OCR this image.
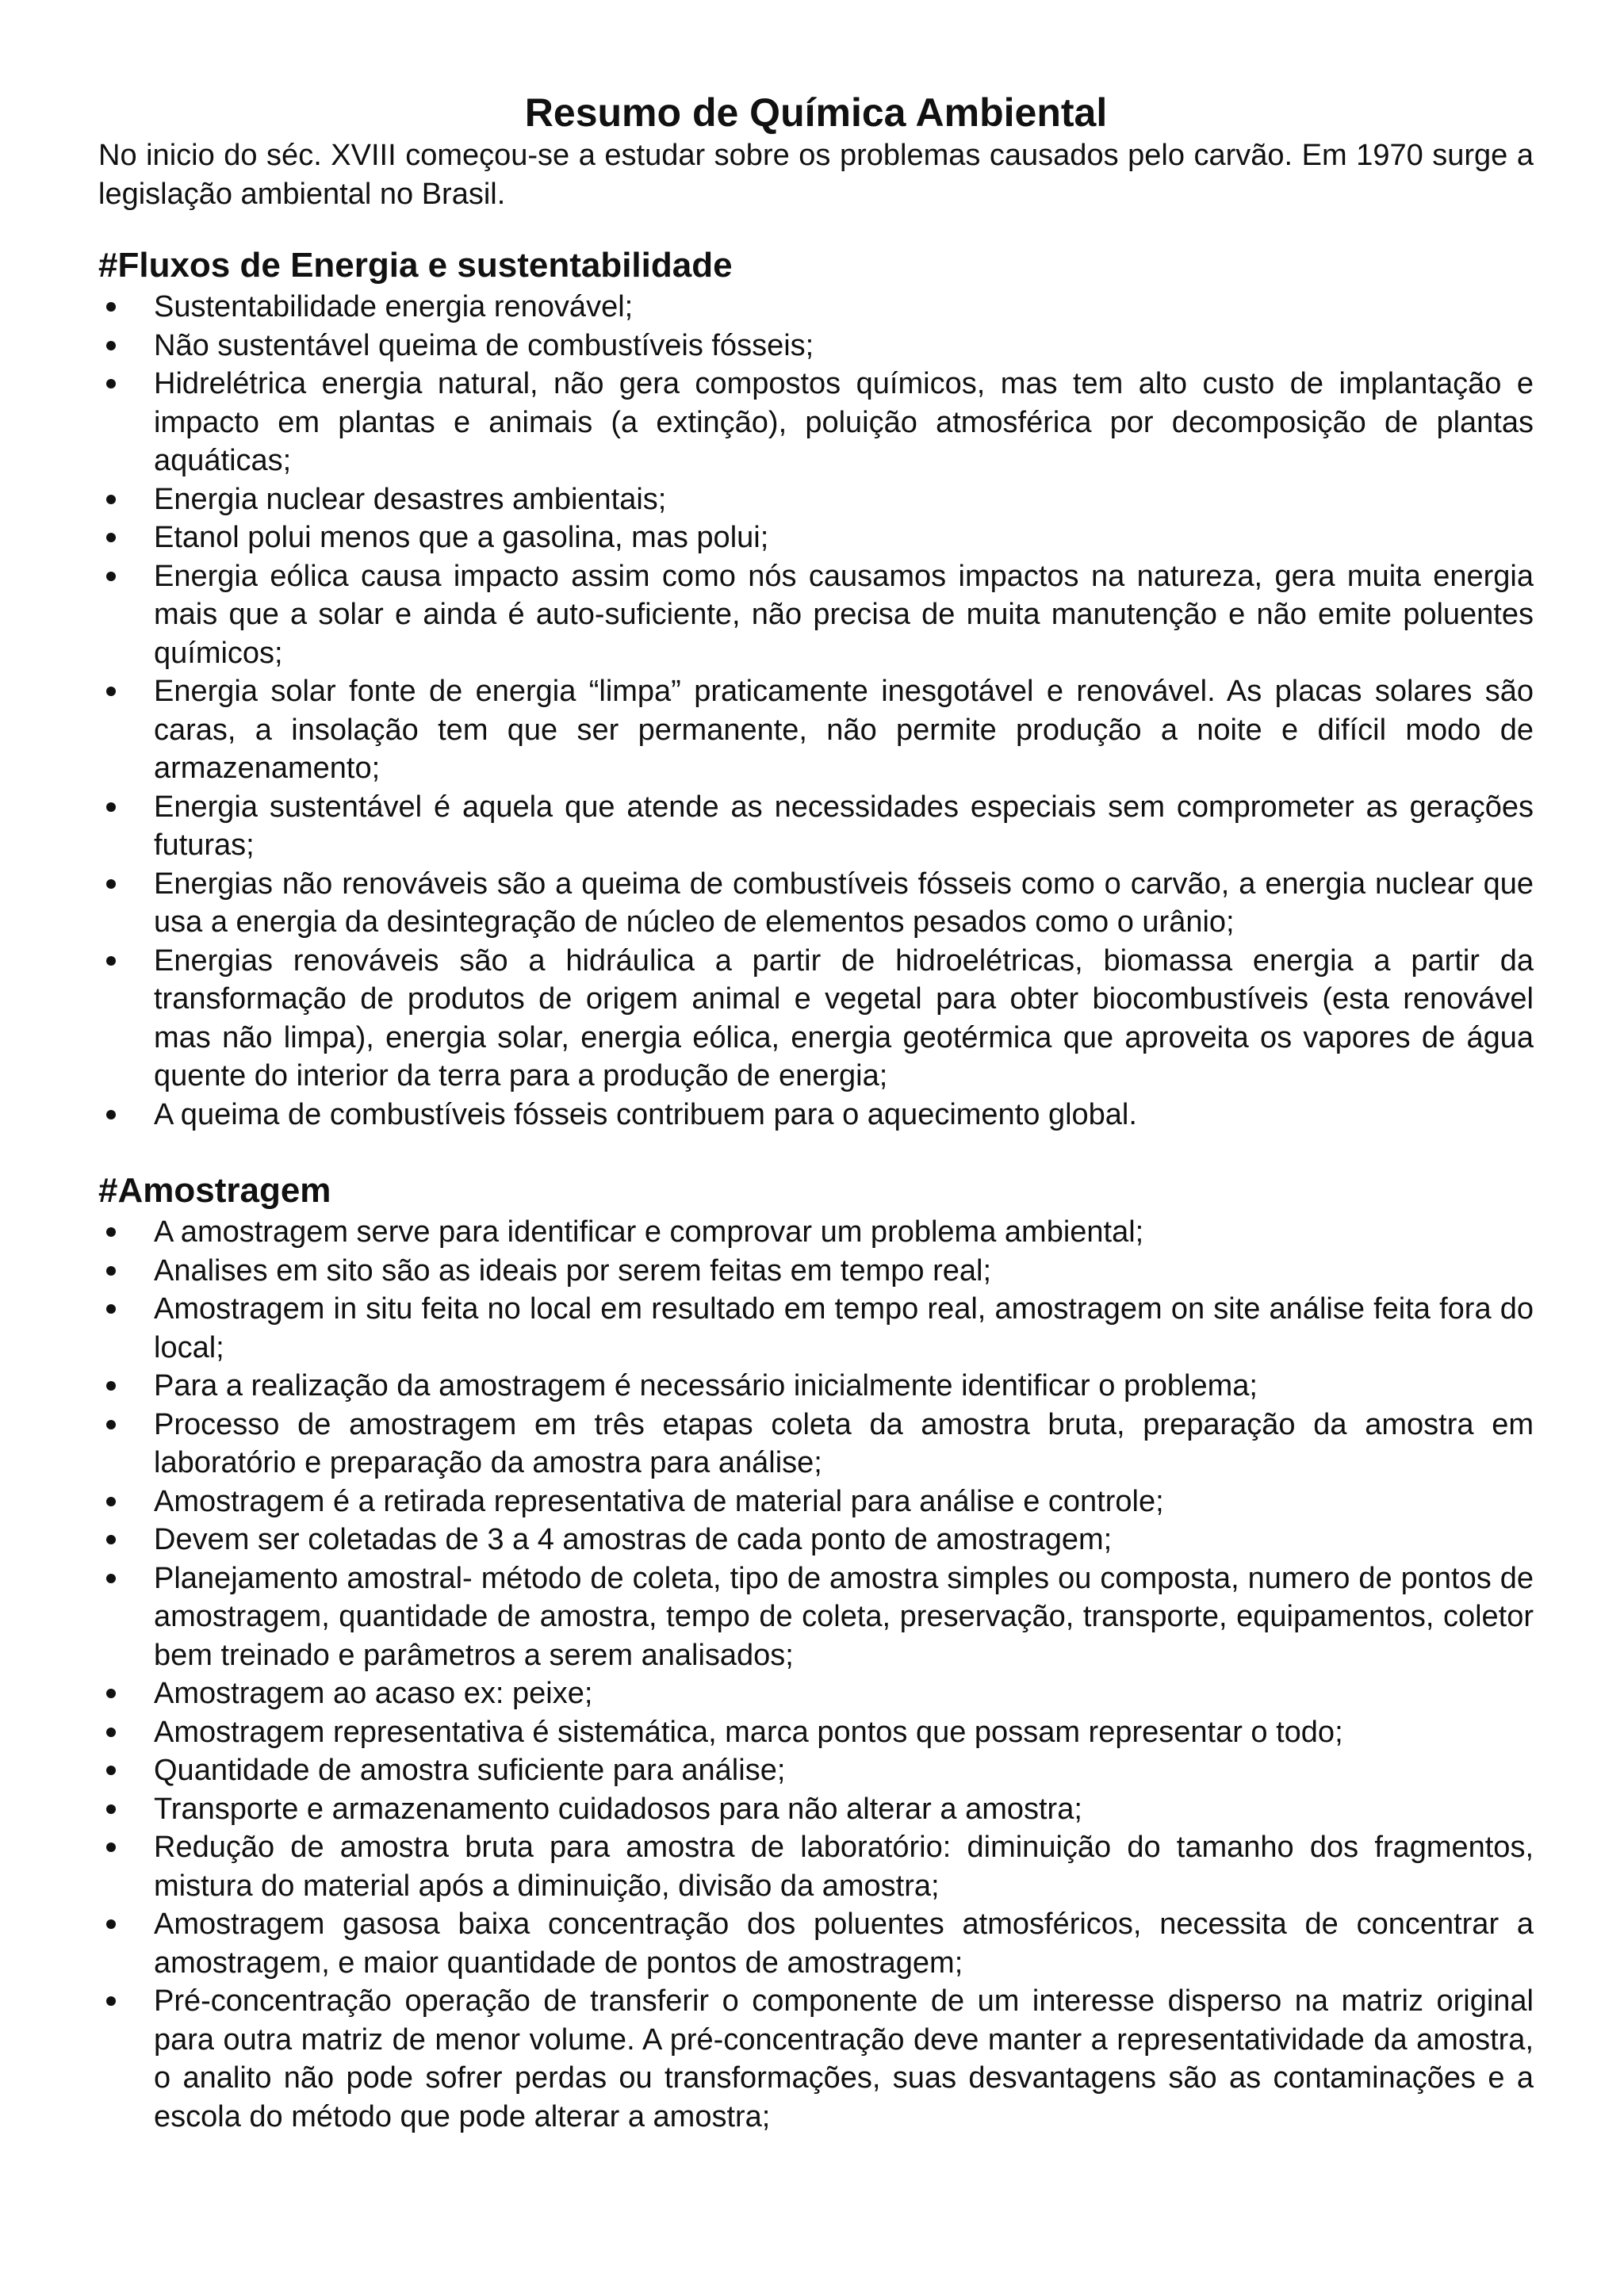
Resumo de Química Ambiental

No inicio do séc. XVIII começou-se a estudar sobre os problemas causados pelo carvão. Em 1970 surge a legislação ambiental no Brasil.

#Fluxos de Energia e sustentabilidade
Sustentabilidade energia renovável;
Não sustentável queima de combustíveis fósseis;
Hidrelétrica energia natural, não gera compostos químicos, mas tem alto custo de implantação e impacto em plantas e animais (a extinção), poluição atmosférica por decomposição de plantas aquáticas;
Energia nuclear desastres ambientais;
Etanol polui menos que a gasolina, mas polui;
Energia eólica causa impacto assim como nós causamos impactos na natureza, gera muita energia mais que a solar e ainda é auto-suficiente, não precisa de muita manutenção e não emite poluentes químicos;
Energia solar fonte de energia “limpa” praticamente inesgotável e renovável. As placas solares são caras, a insolação tem que ser permanente, não permite produção a noite e difícil modo de armazenamento;
Energia sustentável é aquela que atende as necessidades especiais sem comprometer as gerações futuras;
Energias não renováveis são a queima de combustíveis fósseis como o carvão, a energia nuclear que usa a energia da desintegração de núcleo de elementos pesados como o urânio;
Energias renováveis são a hidráulica a partir de hidroelétricas, biomassa energia a partir da transformação de produtos de origem animal e vegetal para obter biocombustíveis (esta renovável mas não limpa), energia solar, energia eólica, energia geotérmica que aproveita os vapores de água quente do interior da terra para a produção de energia;
A queima de combustíveis fósseis contribuem para o aquecimento global.
#Amostragem
A amostragem serve para identificar e comprovar um problema ambiental;
Analises em sito são as ideais por serem feitas em tempo real;
Amostragem in situ feita no local em resultado em tempo real, amostragem on site análise feita fora do local;
Para a realização da amostragem é necessário inicialmente identificar o problema;
Processo de amostragem em três etapas coleta da amostra bruta, preparação da amostra em laboratório e preparação da amostra para análise;
Amostragem é a retirada representativa de material para análise e controle;
Devem ser coletadas de 3 a 4 amostras de cada ponto de amostragem;
Planejamento amostral- método de coleta, tipo de amostra simples ou composta, numero de pontos de amostragem, quantidade de amostra, tempo de coleta, preservação, transporte, equipamentos, coletor bem treinado e parâmetros a serem analisados;
Amostragem ao acaso ex: peixe;
Amostragem representativa é sistemática, marca pontos que possam representar o todo;
Quantidade de amostra suficiente para análise;
Transporte e armazenamento cuidadosos para não alterar a amostra;
Redução de amostra bruta para amostra de laboratório: diminuição do tamanho dos fragmentos, mistura do material após a diminuição, divisão da amostra;
Amostragem gasosa baixa concentração dos poluentes atmosféricos, necessita de concentrar a amostragem, e maior quantidade de pontos de amostragem;
Pré-concentração operação de transferir o componente de um interesse disperso na matriz original para outra matriz de menor volume. A pré-concentração deve manter a representatividade da amostra, o analito não pode sofrer perdas ou transformações, suas desvantagens são as contaminações e a escola do método que pode alterar a amostra;
